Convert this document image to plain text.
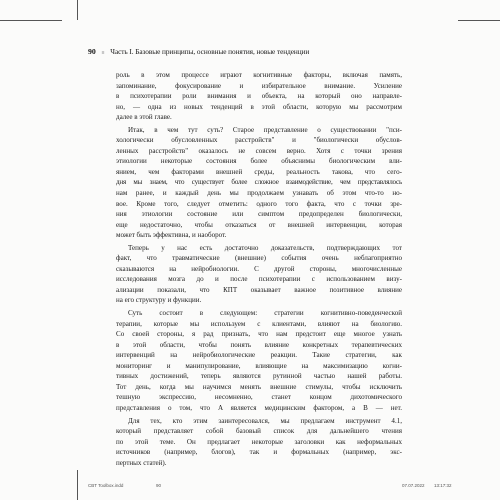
90 ≡ Часть I. Базовые принципы, основные понятия, новые тенденции
роль в этом процессе играют когнитивные факторы, включая память,
запоминание, фокусирование и избирательное внимание. Усиление
в психотерапии роли внимания и объекта, на который оно направле-
но, — одна из новых тенденций в этой области, которую мы рассмотрим
далее в этой главе.
Итак, в чем тут суть? Старое представление о существовании "пси-
хологически обусловленных расстройств" и "биологически обуслов-
ленных расстройств" оказалось не совсем верно. Хотя с точки зрения
этиологии некоторые состояния более объяснимы биологическим вли-
янием, чем факторами внешней среды, реальность такова, что сего-
дня мы знаем, что существует более сложное взаимодействие, чем представлялось
нам ранее, и каждый день мы продолжаем узнавать об этом что-то но-
вое. Кроме того, следует отметить: одного того факта, что с точки зре-
ния этиологии состояние или симптом предопределен биологически,
еще недостаточно, чтобы отказаться от внешней интервенции, которая
может быть эффективна, и наоборот.
Теперь у нас есть достаточно доказательств, подтверждающих тот
факт, что травматические (внешние) события очень неблагоприятно
сказываются на нейробиологии. С другой стороны, многочисленные
исследования мозга до и после психотерапии с использованием визу-
ализации показали, что КПТ оказывает важное позитивное влияние
на его структуру и функции.
Суть состоит в следующем: стратегии когнитивно-поведенческой
терапии, которые мы используем с клиентами, влияют на биологию.
Со своей стороны, я рад признать, что нам предстоит еще многое узнать
в этой области, чтобы понять влияние конкретных терапевтических
интервенций на нейробиологические реакции. Такие стратегии, как
мониторинг и манипулирование, влияющие на максимизацию когни-
тивных достижений, теперь являются рутинной частью нашей работы.
Тот день, когда мы научимся менять внешние стимулы, чтобы исключить
тешную экспрессию, несомненно, станет концом дихотомического
представления о том, что A является медицинским фактором, а B — нет.
Для тех, кто этим заинтересовался, мы предлагаем инструмент 4.1,
который представляет собой базовый список для дальнейшего чтения
по этой теме. Он предлагает некоторые заголовки как неформальных
источников (например, блогов), так и формальных (например, экс-
пертных статей).
CBT Toolbox.indd	90	07.07.2022 13:17:32
